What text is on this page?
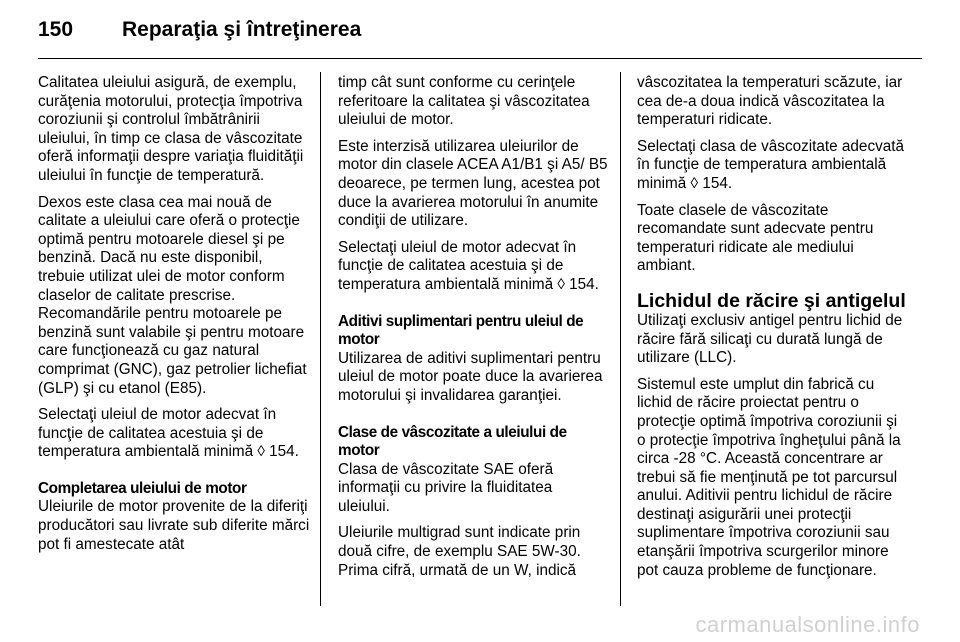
150	Reparaţia şi întreţinerea

Calitatea uleiului asigură, de exemplu, curăţenia motorului, protecţia împotriva coroziunii şi controlul îmbătrânirii uleiului, în timp ce clasa de vâscozitate oferă informaţii despre variaţia fluidităţii uleiului în funcţie de temperatură.

Dexos este clasa cea mai nouă de calitate a uleiului care oferă o protecţie optimă pentru motoarele diesel şi pe benzină. Dacă nu este disponibil, trebuie utilizat ulei de motor conform claselor de calitate prescrise. Recomandările pentru motoarele pe benzină sunt valabile şi pentru motoare care funcţionează cu gaz natural comprimat (GNC), gaz petrolier lichefiat (GLP) şi cu etanol (E85).

Selectaţi uleiul de motor adecvat în funcţie de calitatea acestuia şi de temperatura ambientală minimă ◊ 154.

Completarea uleiului de motor

Uleiurile de motor provenite de la diferiţi producători sau livrate sub diferite mărci pot fi amestecate atât

timp cât sunt conforme cu cerinţele referitoare la calitatea şi vâscozitatea uleiului de motor.

Este interzisă utilizarea uleiurilor de motor din clasele ACEA A1/B1 şi A5/ B5 deoarece, pe termen lung, acestea pot duce la avarierea motorului în anumite condiţii de utilizare.

Selectaţi uleiul de motor adecvat în funcţie de calitatea acestuia şi de temperatura ambientală minimă ◊ 154.

Aditivi suplimentari pentru uleiul de motor

Utilizarea de aditivi suplimentari pentru uleiul de motor poate duce la avarierea motorului şi invalidarea garanţiei.

Clase de vâscozitate a uleiului de motor

Clasa de vâscozitate SAE oferă informaţii cu privire la fluiditatea uleiului.

Uleiurile multigrad sunt indicate prin două cifre, de exemplu SAE 5W-30. Prima cifră, urmată de un W, indică

vâscozitatea la temperaturi scăzute, iar cea de-a doua indică vâscozitatea la temperaturi ridicate.

Selectaţi clasa de vâscozitate adecvată în funcţie de temperatura ambientală minimă ◊ 154.

Toate clasele de vâscozitate recomandate sunt adecvate pentru temperaturi ridicate ale mediului ambiant.

Lichidul de răcire şi antigelul

Utilizaţi exclusiv antigel pentru lichid de răcire fără silicaţi cu durată lungă de utilizare (LLC).

Sistemul este umplut din fabrică cu lichid de răcire proiectat pentru o protecţie optimă împotriva coroziunii şi o protecţie împotriva îngheţului până la circa -28 °C. Această concentrare ar trebui să fie menţinută pe tot parcursul anului. Aditivii pentru lichidul de răcire destinaţi asigurării unei protecţii suplimentare împotriva coroziunii sau etanşării împotriva scurgerilor minore pot cauza probleme de funcţionare.

carmanualsonline.info
